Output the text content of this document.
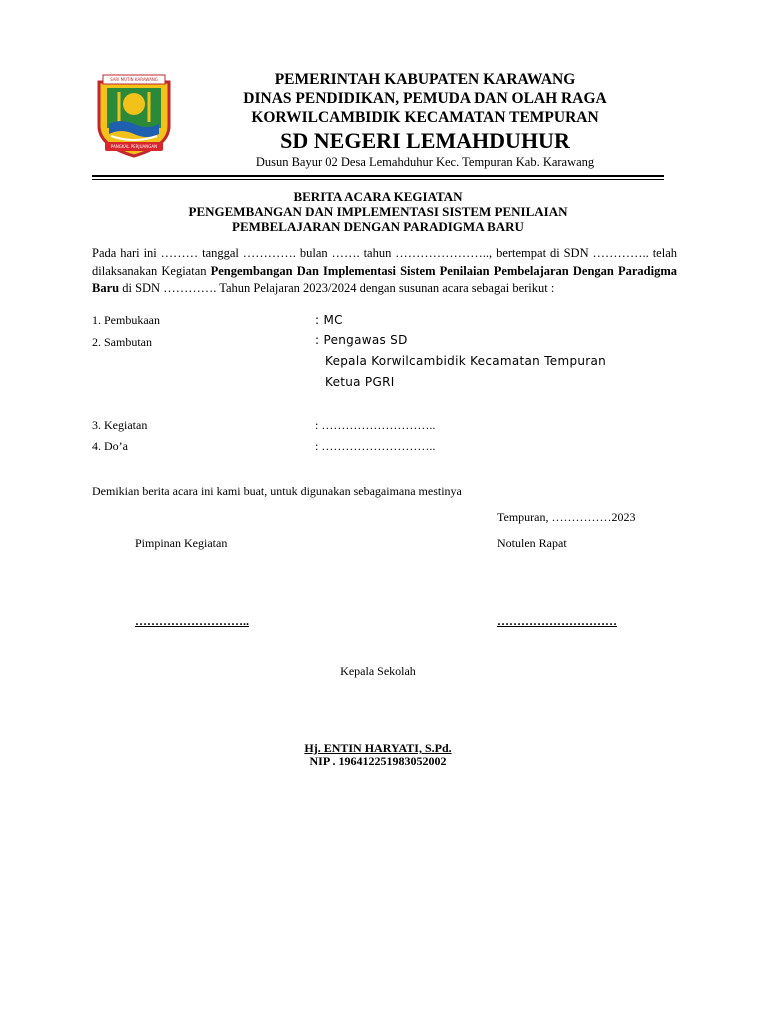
SARI MUTIN KARAWANG
PANGKAL PERJUANGAN
PEMERINTAH KABUPATEN KARAWANG
DINAS PENDIDIKAN, PEMUDA DAN OLAH RAGA
KORWILCAMBIDIK KECAMATAN TEMPURAN
SD NEGERI LEMAHDUHUR
Dusun Bayur 02 Desa Lemahduhur Kec. Tempuran Kab. Karawang
BERITA ACARA KEGIATAN
PENGEMBANGAN DAN IMPLEMENTASI SISTEM PENILAIAN
PEMBELAJARAN DENGAN PARADIGMA BARU
Pada hari ini ……… tanggal …………. bulan ……. tahun ………………….., bertempat di SDN ………….. telah dilaksanakan Kegiatan Pengembangan Dan Implementasi Sistem Penilaian Pembelajaran Dengan Paradigma Baru di SDN …………. Tahun Pelajaran 2023/2024 dengan susunan acara sebagai berikut :
1. Pembukaan	: MC
2. Sambutan	: Pengawas SD
Kepala Korwilcambidik Kecamatan Tempuran
Ketua PGRI
3. Kegiatan	: ………………………..
4. Do’a	: ………………………..
Demikian berita acara ini kami buat, untuk digunakan sebagaimana mestinya
Tempuran, ……………2023
Pimpinan Kegiatan	Notulen Rapat
………………………..	…………………………
Kepala Sekolah
Hj. ENTIN HARYATI, S.Pd.
NIP . 196412251983052002
